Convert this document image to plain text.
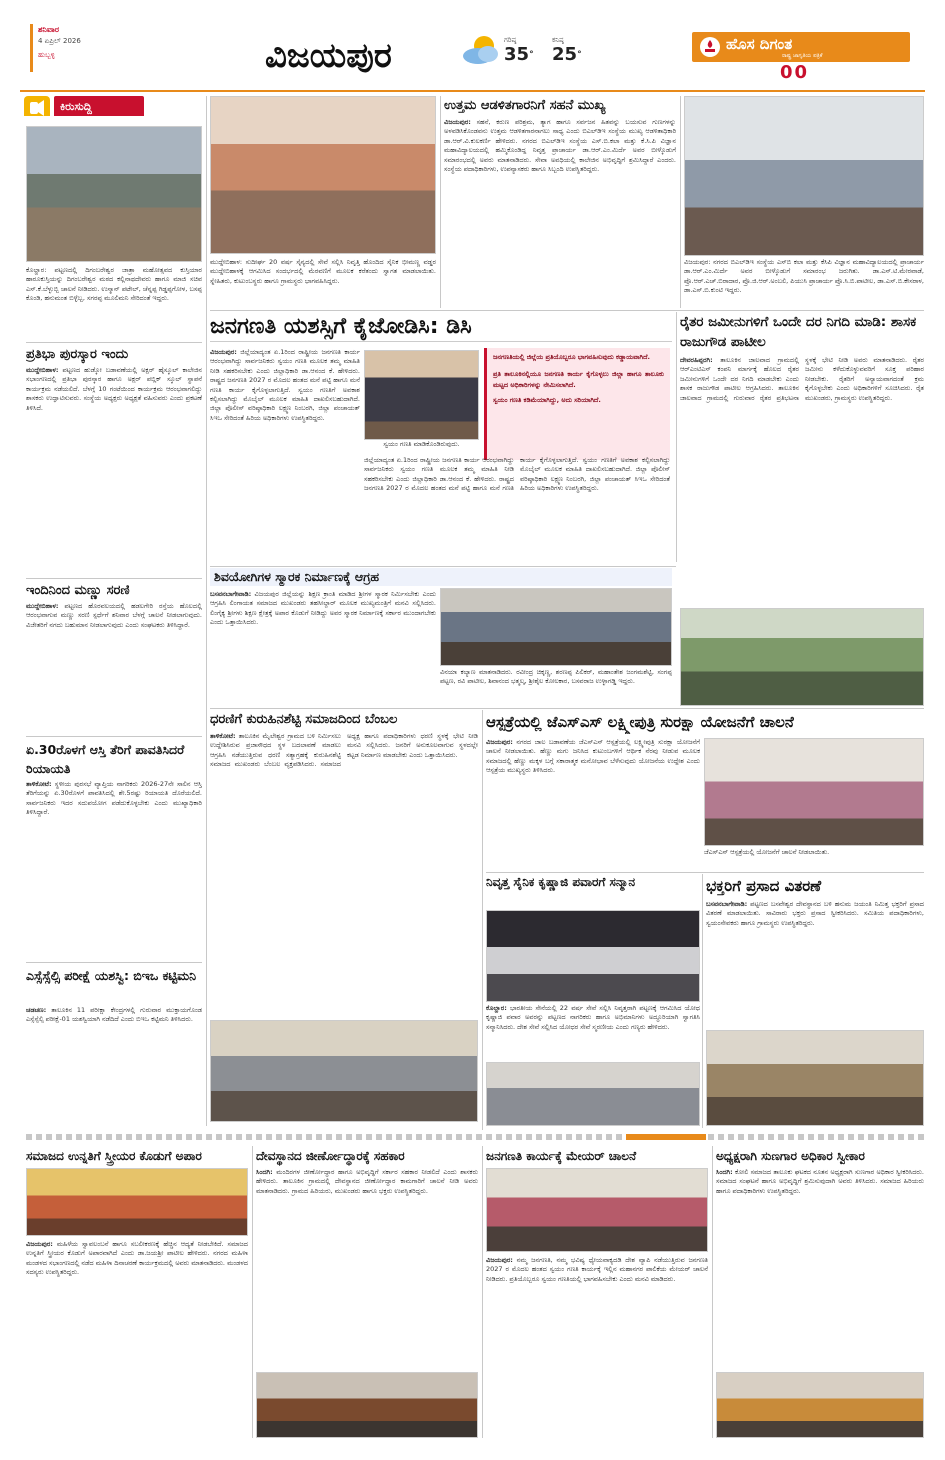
ಶನಿವಾರ
4 ಏಪ್ರಿಲ್ 2026
ಹುಬ್ಬಳ್ಳಿ	ವಿಜಯಪುರ	ಗರಿಷ್ಠ
35°
ಕನಿಷ್ಠ
25°
ಹೊಸ ದಿಗಂತ
ರಾಷ್ಟ್ರ ಜಾಗೃತಿಯ ಪತ್ರಿಕೆ
00
ಕಿರುಸುದ್ದಿ
ಕೊಲ್ಹಾರ: ಪಟ್ಟಣದಲ್ಲಿ ದಿಗಂಬರೇಶ್ವರ ಜಾತ್ರಾ ಮಹೋತ್ಸವದ ಕುಸ್ತಿಯಾರ ಹಾರೂಕುಸ್ತಿಯನ್ನು ದಿಗಂಬರೇಶ್ವರ ಮಠದ ಕಲ್ಲಿನಾಥದೇವರು ಹಾಗೂ ಮಾಜಿ ಸಚಿವ ಎಸ್.ಕೆ.ಬೆಳ್ಳುಬ್ಬಿ ಚಾಲನೆ ನೀಡಿದರು. ಉಸ್ಮಾನ್ ಪಟೇಲ್, ಚೆನ್ನಪ್ಪ ಗಿಡ್ಡಪ್ಪಗೋಳ, ಬಸಪ್ಪ ಕೊಂಡಿ, ಹನುಮಂತ ಬಿಳ್ಳೆಬ್ಬ, ಸಗರಪ್ಪ ಮೂಲಿಮನಿ ಸೇರಿದಂತೆ ಇದ್ದರು.
ಪ್ರತಿಭಾ ಪುರಸ್ಕಾರ ಇಂದು
ಮುದ್ದೇಬಿಹಾಳ: ಪಟ್ಟಣದ ಹುಡ್ಕೋ ಬಡಾವಣೆಯಲ್ಲಿ ಅಕ್ಷರ್ ಹೈಸ್ಕೂಲ್ ಕಾಲೇಜಿನ ಸಭಾಂಗಣದಲ್ಲಿ ಪ್ರತಿಭಾ ಪುರಸ್ಕಾರ ಹಾಗೂ ಅಕ್ಷರ್ ಪಬ್ಲಿಕ್ ಸ್ಕೂಲ್ ಸ್ಥಾಪನೆ ಕಾರ್ಯಕ್ರಮ ನಡೆಯಲಿದೆ. ಬೆಳಗ್ಗೆ 10 ಗಂಟೆಯಿಂದ ಕಾರ್ಯಕ್ರಮ ಆರಂಭವಾಗಲಿದ್ದು ಶಾಸಕರು ಉದ್ಘಾಟಿಸುವರು. ಸಂಸ್ಥೆಯ ಅಧ್ಯಕ್ಷರು ಅಧ್ಯಕ್ಷತೆ ವಹಿಸುವರು ಎಂದು ಪ್ರಕಟಣೆ ತಿಳಿಸಿದೆ.
ಇಂದಿನಿಂದ ಮಣ್ಣು ಸರಣಿ
ಮುದ್ದೇಬಿಹಾಳ: ಪಟ್ಟಣದ ಹೊರವಲಯದಲ್ಲಿ ಹಡಲಗೇರಿ ರಸ್ತೆಯ ಹೊಲದಲ್ಲಿ ಆರಂಭವಾಗುವ ಮಣ್ಣು ಸರಣಿ ಸ್ಪರ್ಧೆಗೆ ಶನಿವಾರ ಬೆಳಗ್ಗೆ ಚಾಲನೆ ನೀಡಲಾಗುವುದು. ವಿಜೇತರಿಗೆ ನಗದು ಬಹುಮಾನ ನೀಡಲಾಗುವುದು ಎಂದು ಸಂಘಟಕರು ತಿಳಿಸಿದ್ದಾರೆ.
ಏ.30ರೊಳಗೆ ಆಸ್ತಿ ತೆರಿಗೆ ಪಾವತಿಸಿದರೆ ರಿಯಾಯತಿ
ತಾಳಿಕೋಟೆ: ಸ್ಥಳೀಯ ಪುರಸಭೆ ವ್ಯಾಪ್ತಿಯ ನಾಗರಿಕರು 2026-27ನೇ ಸಾಲಿನ ಆಸ್ತಿ ತೆರಿಗೆಯನ್ನು ಏ.30ರೊಳಗೆ ಪಾವತಿಸಿದಲ್ಲಿ ಶೇ.5ರಷ್ಟು ರಿಯಾಯತಿ ದೊರೆಯಲಿದೆ. ಸಾರ್ವಜನಿಕರು ಇದರ ಸದುಪಯೋಗ ಪಡೆದುಕೊಳ್ಳಬೇಕು ಎಂದು ಮುಖ್ಯಾಧಿಕಾರಿ ತಿಳಿಸಿದ್ದಾರೆ.
ಎಸ್ಸೆಸ್ಸೆಲ್ಸಿ ಪರೀಕ್ಷೆ ಯಶಸ್ವಿ: ಬಿಇಒ ಕಟ್ಟಿಮನಿ
ಚಡಚಣ: ತಾಲೂಕಿನ 11 ಪರೀಕ್ಷಾ ಕೇಂದ್ರಗಳಲ್ಲಿ ಗುರುವಾರ ಮುಕ್ತಾಯಗೊಂಡ ಎಸ್ಸೆಸ್ಸೆಲ್ಸಿ ಪರೀಕ್ಷೆ-01 ಯಶಸ್ವಿಯಾಗಿ ನಡೆದಿದೆ ಎಂದು ಬಿಇಒ ಕಟ್ಟಿಮನಿ ತಿಳಿಸಿದರು.
ಮುದ್ದೇಬಿಹಾಳ: ಸುದೀರ್ಘ 20 ವರ್ಷ ಸೈನ್ಯದಲ್ಲಿ ಸೇವೆ ಸಲ್ಲಿಸಿ ನಿವೃತ್ತಿ ಹೊಂದಿದ ಸೈನಿಕ ಭೀಮಣ್ಣ ವಡ್ಡರ ಮುದ್ದೇಬಿಹಾಳಕ್ಕೆ ಆಗಮಿಸಿದ ಸಂದರ್ಭದಲ್ಲಿ ಮೆರವಣಿಗೆ ಮೂಲಕ ಕರೆತಂದು ಸ್ವಾಗತ ಮಾಡಲಾಯಿತು. ಸ್ನೇಹಿತರು, ಕುಟುಂಬಸ್ಥರು ಹಾಗೂ ಗ್ರಾಮಸ್ಥರು ಭಾಗವಹಿಸಿದ್ದರು.
ಉತ್ತಮ ಆಡಳಿತಗಾರನಿಗೆ ಸಹನೆ ಮುಖ್ಯ
ವಿಜಯಪುರ: ಸಹನೆ, ಕರುಣ ಪರಿಶ್ರಮ, ತ್ಯಾಗ ಹಾಗೂ ಸರ್ವಜನ ಹಿತವನ್ನು ಬಯಸುವ ಗುಣಗಳನ್ನು ಅಳವಡಿಸಿಕೊಂಡವನು ಉತ್ತಮ ಆಡಳಿತಗಾರನಾಗಲು ಸಾಧ್ಯ ಎಂದು ಬಿಎಲ್‌ಡಿಇ ಸಂಸ್ಥೆಯ ಮುಖ್ಯ ಆಡಳಿತಾಧಿಕಾರಿ ಡಾ.ಆರ್.ವಿ.ಕುಲಕರ್ಣಿ ಹೇಳಿದರು. ನಗರದ ಬಿಎಲ್‌ಡಿಇ ಸಂಸ್ಥೆಯ ಎಸ್.ಬಿ.ಕಲಾ ಮತ್ತು ಕೆ.ಸಿ.ಪಿ ವಿಜ್ಞಾನ ಮಹಾವಿದ್ಯಾಲಯದಲ್ಲಿ ಹಮ್ಮಿಕೊಂಡಿದ್ದ ನಿವೃತ್ತ ಪ್ರಾಚಾರ್ಯ ಡಾ.ಆರ್.ಎಂ.ಮಿರ್ದೆ ಅವರ ಬೀಳ್ಕೊಡುಗೆ ಸಮಾರಂಭದಲ್ಲಿ ಅವರು ಮಾತನಾಡಿದರು. ಸೇವಾ ಅವಧಿಯಲ್ಲಿ ಕಾಲೇಜಿನ ಅಭಿವೃದ್ಧಿಗೆ ಶ್ರಮಿಸಿದ್ದಾರೆ ಎಂದರು. ಸಂಸ್ಥೆಯ ಪದಾಧಿಕಾರಿಗಳು, ಉಪನ್ಯಾಸಕರು ಹಾಗೂ ಸಿಬ್ಬಂದಿ ಉಪಸ್ಥಿತರಿದ್ದರು.
ವಿಜಯಪುರ: ನಗರದ ಬಿಎಲ್‌ಡಿಇ ಸಂಸ್ಥೆಯ ಎಸ್‌ಬಿ ಕಲಾ ಮತ್ತು ಕೆಸಿಪಿ ವಿಜ್ಞಾನ ಮಹಾವಿದ್ಯಾಲಯದಲ್ಲಿ ಪ್ರಾಚಾರ್ಯ ಡಾ.ಆರ್.ಎಂ.ಮಿರ್ದೆ ಅವರ ಬೀಳ್ಕೊಡುಗೆ ಸಮಾರಂಭ ಜರುಗಿತು. ಡಾ.ಎಸ್.ಟಿ.ಮೇರವಾಡೆ, ಪ್ರೊ.ಆರ್.ಎಚ್.ಬಿರಾದಾರ, ಪ್ರೊ.ಜಿ.ಆರ್.ಅಂಬಲಿ, ಪಿಯುಸಿ ಪ್ರಾಚಾರ್ಯ ಪ್ರೊ.ಸಿ.ಬಿ.ಪಾಟೀಲ, ಡಾ.ಎಸ್.ಬಿ.ಕೇಸರಾಳ, ಡಾ.ಎಸ್.ಬಿ.ಕುಂಟಿ ಇದ್ದರು.
ಜನಗಣತಿ ಯಶಸ್ಸಿಗೆ ಕೈಜೋಡಿಸಿ: ಡಿಸಿ
ವಿಜಯಪುರ: ಜಿಲ್ಲೆಯಾದ್ಯಂತ ಏ.1ರಿಂದ ರಾಷ್ಟ್ರೀಯ ಜನಗಣತಿ ಕಾರ್ಯ ಆರಂಭವಾಗಿದ್ದು ಸಾರ್ವಜನಿಕರು ಸ್ವಯಂ ಗಣತಿ ಮೂಲಕ ತಮ್ಮ ಮಾಹಿತಿ ನೀಡಿ ಸಹಕರಿಸಬೇಕು ಎಂದು ಜಿಲ್ಲಾಧಿಕಾರಿ ಡಾ.ಆನಂದ ಕೆ. ಹೇಳಿದರು. ರಾಷ್ಟ್ರದ ಜನಗಣತಿ 2027 ರ ಮೊದಲ ಹಂತದ ಮನೆ ಪಟ್ಟಿ ಹಾಗೂ ಮನೆ ಗಣತಿ ಕಾರ್ಯ ಕೈಗೊಳ್ಳಲಾಗುತ್ತಿದೆ. ಸ್ವಯಂ ಗಣತಿಗೆ ಅವಕಾಶ ಕಲ್ಪಿಸಲಾಗಿದ್ದು ಮೊಬೈಲ್ ಮೂಲಕ ಮಾಹಿತಿ ದಾಖಲಿಸಬಹುದಾಗಿದೆ. ಜಿಲ್ಲಾ ಪೊಲೀಸ್ ವರಿಷ್ಠಾಧಿಕಾರಿ ಲಕ್ಷ್ಮಣ ನಿಂಬರಗಿ, ಜಿಲ್ಲಾ ಪಂಚಾಯತ್ ಸಿಇಒ ಸೇರಿದಂತೆ ಹಿರಿಯ ಅಧಿಕಾರಿಗಳು ಉಪಸ್ಥಿತರಿದ್ದರು.
ಸ್ವಯಂ ಗಣತಿ ಮಾಡಿಕೊಂಡಿರುವುದು.
ಜನಗಣತಿಯಲ್ಲಿ ಜಿಲ್ಲೆಯ ಪ್ರತಿಯೊಬ್ಬರೂ ಭಾಗವಹಿಸುವುದು ಕಡ್ಡಾಯವಾಗಿದೆ.
ಪ್ರತಿ ತಾಲೂಕಿನಲ್ಲಿಯೂ ಜನಗಣತಿ ಕಾರ್ಯ ಕೈಗೊಳ್ಳಲು ಜಿಲ್ಲಾ ಹಾಗೂ ತಾಲೂಕು ಮಟ್ಟದ ಅಧಿಕಾರಿಗಳನ್ನು ನೇಮಿಸಲಾಗಿದೆ.
ಸ್ವಯಂ ಗಣತಿ ಕಡಿಮೆಯಾಗಿದ್ದು, ಅದು ಸರಿಯಾಗಿದೆ.
ಜಿಲ್ಲೆಯಾದ್ಯಂತ ಏ.1ರಿಂದ ರಾಷ್ಟ್ರೀಯ ಜನಗಣತಿ ಕಾರ್ಯ ಆರಂಭವಾಗಿದ್ದು ಸಾರ್ವಜನಿಕರು ಸ್ವಯಂ ಗಣತಿ ಮೂಲಕ ತಮ್ಮ ಮಾಹಿತಿ ನೀಡಿ ಸಹಕರಿಸಬೇಕು ಎಂದು ಜಿಲ್ಲಾಧಿಕಾರಿ ಡಾ.ಆನಂದ ಕೆ. ಹೇಳಿದರು. ರಾಷ್ಟ್ರದ ಜನಗಣತಿ 2027 ರ ಮೊದಲ ಹಂತದ ಮನೆ ಪಟ್ಟಿ ಹಾಗೂ ಮನೆ ಗಣತಿ ಕಾರ್ಯ ಕೈಗೊಳ್ಳಲಾಗುತ್ತಿದೆ. ಸ್ವಯಂ ಗಣತಿಗೆ ಅವಕಾಶ ಕಲ್ಪಿಸಲಾಗಿದ್ದು ಮೊಬೈಲ್ ಮೂಲಕ ಮಾಹಿತಿ ದಾಖಲಿಸಬಹುದಾಗಿದೆ. ಜಿಲ್ಲಾ ಪೊಲೀಸ್ ವರಿಷ್ಠಾಧಿಕಾರಿ ಲಕ್ಷ್ಮಣ ನಿಂಬರಗಿ, ಜಿಲ್ಲಾ ಪಂಚಾಯತ್ ಸಿಇಒ ಸೇರಿದಂತೆ ಹಿರಿಯ ಅಧಿಕಾರಿಗಳು ಉಪಸ್ಥಿತರಿದ್ದರು.
ರೈತರ ಜಮೀನುಗಳಿಗೆ ಒಂದೇ ದರ ನಿಗದಿ ಮಾಡಿ: ಶಾಸಕ ರಾಜುಗೌಡ ಪಾಟೀಲ
ದೇವರಹಿಪ್ಪರಗಿ: ತಾಲೂಕಿನ ಜಾಲವಾದ ಗ್ರಾಮದಲ್ಲಿ ಆರ್‌ಎಂಟಿಎಸ್ ಕಂಪನಿ ಮಾರ್ಗಕ್ಕೆ ಹೊಲದ ರೈತರ ಜಮೀನುಗಳಿಗೆ ಒಂದೇ ದರ ನಿಗದಿ ಮಾಡಬೇಕು ಎಂದು ಶಾಸಕ ರಾಜುಗೌಡ ಪಾಟೀಲ ಆಗ್ರಹಿಸಿದರು. ತಾಲೂಕಿನ ಜಾಲವಾದ ಗ್ರಾಮದಲ್ಲಿ ಗುರುವಾರ ರೈತರ ಪ್ರತಿಭಟನಾ ಸ್ಥಳಕ್ಕೆ ಭೇಟಿ ನೀಡಿ ಅವರು ಮಾತನಾಡಿದರು. ರೈತರ ಜಮೀನು ಕಳೆದುಕೊಳ್ಳುವವರಿಗೆ ಸೂಕ್ತ ಪರಿಹಾರ ನೀಡಬೇಕು. ರೈತರಿಗೆ ಅನ್ಯಾಯವಾಗದಂತೆ ಕ್ರಮ ಕೈಗೊಳ್ಳಬೇಕು ಎಂದು ಅಧಿಕಾರಿಗಳಿಗೆ ಸೂಚಿಸಿದರು. ರೈತ ಮುಖಂಡರು, ಗ್ರಾಮಸ್ಥರು ಉಪಸ್ಥಿತರಿದ್ದರು.
ಶಿವಯೋಗಿಗಳ ಸ್ಮಾರಕ ನಿರ್ಮಾಣಕ್ಕೆ ಆಗ್ರಹ
ಬಸವನಬಾಗೇವಾಡಿ: ವಿಜಯಪುರ ಜಿಲ್ಲೆಯನ್ನು ಶಿಕ್ಷಣ ಕ್ರಾಂತಿ ಮಾಡಿದ ಶ್ರೀಗಳ ಸ್ಮಾರಕ ನಿರ್ಮಿಸಬೇಕು ಎಂದು ಆಗ್ರಹಿಸಿ ಲಿಂಗಾಯತ ಸಮಾಜದ ಮುಖಂಡರು ತಹಸೀಲ್ದಾರ್ ಮೂಲಕ ಮುಖ್ಯಮಂತ್ರಿಗೆ ಮನವಿ ಸಲ್ಲಿಸಿದರು. ಲಿಂಗೈಕ್ಯ ಶ್ರೀಗಳು ಶಿಕ್ಷಣ ಕ್ಷೇತ್ರಕ್ಕೆ ಅಪಾರ ಕೊಡುಗೆ ನೀಡಿದ್ದು ಅವರ ಸ್ಮಾರಕ ನಿರ್ಮಾಣಕ್ಕೆ ಸರ್ಕಾರ ಮುಂದಾಗಬೇಕು ಎಂದು ಒತ್ತಾಯಿಸಿದರು.
ವಿನಯಾ ಕಲ್ಯಾಣ ಮಾತನಾಡಿದರು. ರವೀಂದ್ರ ಚಿಕ್ಕಣ್ಣ, ಶರಣಪ್ಪ ಪಿಲಿಕರ್, ಮಹಾಂತೇಶ ಜಂಗಮಶೆಟ್ಟಿ, ಸಂಗಪ್ಪ ಪಟ್ಟಣ, ರವಿ ಪಾಟೀಲ, ಶಿವಾನಂದ ಭತ್ಮಲ್ಕ, ಶ್ರೀಶೈಲ ಕೋಲಕಾರ, ಬಸವರಾಜ ಉಳ್ಳಾಗಡ್ಡಿ ಇದ್ದರು.
ಧರಣಿಗೆ ಕುರುಹಿನಶೆಟ್ಟಿ ಸಮಾಜದಿಂದ ಬೆಂಬಲ
ತಾಳಿಕೋಟೆ: ತಾಲೂಕಿನ ಮೈಲೇಶ್ವರ ಗ್ರಾಮದ ಬಳಿ ನಿರ್ಮಿಸಲು ಉದ್ದೇಶಿಸಿರುವ ಪ್ರಜಾಸೌಧದ ಸ್ಥಳ ಬದಲಾವಣೆ ಮಾಡಲು ಆಗ್ರಹಿಸಿ ನಡೆಯುತ್ತಿರುವ ಧರಣಿ ಸತ್ಯಾಗ್ರಹಕ್ಕೆ ಕುರುಹಿನಶೆಟ್ಟಿ ಸಮಾಜದ ಮುಖಂಡರು ಬೆಂಬಲ ವ್ಯಕ್ತಪಡಿಸಿದರು. ಸಮಾಜದ ಅಧ್ಯಕ್ಷ ಹಾಗೂ ಪದಾಧಿಕಾರಿಗಳು ಧರಣಿ ಸ್ಥಳಕ್ಕೆ ಭೇಟಿ ನೀಡಿ ಮನವಿ ಸಲ್ಲಿಸಿದರು. ಜನರಿಗೆ ಅನುಕೂಲವಾಗುವ ಸ್ಥಳದಲ್ಲೇ ಕಟ್ಟಡ ನಿರ್ಮಾಣ ಮಾಡಬೇಕು ಎಂದು ಒತ್ತಾಯಿಸಿದರು.
ಆಸ್ಪತ್ರೆಯಲ್ಲಿ ಜೆಎಸ್‌ಎಸ್ ಲಕ್ಷ್ಮೀಪುತ್ರಿ ಸುರಕ್ಷಾ ಯೋಜನೆಗೆ ಚಾಲನೆ
ವಿಜಯಪುರ: ನಗರದ ಜಾಲ ಬಡಾವಣೆಯ ಜೆಎಸ್‌ಎಸ್ ಆಸ್ಪತ್ರೆಯಲ್ಲಿ ಲಕ್ಷ್ಮೀಪುತ್ರಿ ಸುರಕ್ಷಾ ಯೋಜನೆಗೆ ಚಾಲನೆ ನೀಡಲಾಯಿತು. ಹೆಣ್ಣು ಮಗು ಜನಿಸಿದ ಕುಟುಂಬಗಳಿಗೆ ಆರ್ಥಿಕ ನೆರವು ನೀಡುವ ಮೂಲಕ ಸಮಾಜದಲ್ಲಿ ಹೆಣ್ಣು ಮಕ್ಕಳ ಬಗ್ಗೆ ಸಕಾರಾತ್ಮಕ ಮನೋಭಾವ ಬೆಳೆಸುವುದು ಯೋಜನೆಯ ಉದ್ದೇಶ ಎಂದು ಆಸ್ಪತ್ರೆಯ ಮುಖ್ಯಸ್ಥರು ತಿಳಿಸಿದರು.
ಜೆಎಸ್‌ಎಸ್ ಆಸ್ಪತ್ರೆಯಲ್ಲಿ ಯೋಜನೆಗೆ ಚಾಲನೆ ನೀಡಲಾಯಿತು.
ನಿವೃತ್ತ ಸೈನಿಕ ಕೃಷ್ಣಾಜಿ ಪವಾರಗೆ ಸನ್ಮಾನ
ಕೊಲ್ಹಾರ: ಭಾರತೀಯ ಸೇನೆಯಲ್ಲಿ 22 ವರ್ಷ ಸೇವೆ ಸಲ್ಲಿಸಿ ನಿವೃತ್ತರಾಗಿ ಪಟ್ಟಣಕ್ಕೆ ಆಗಮಿಸಿದ ಯೋಧ ಕೃಷ್ಣಾಜಿ ಪವಾರ ಅವರನ್ನು ಪಟ್ಟಣದ ನಾಗರಿಕರು ಹಾಗೂ ಅಭಿಮಾನಿಗಳು ಅದ್ಧೂರಿಯಾಗಿ ಸ್ವಾಗತಿಸಿ ಸನ್ಮಾನಿಸಿದರು. ದೇಶ ಸೇವೆ ಸಲ್ಲಿಸಿದ ಯೋಧರ ಸೇವೆ ಸ್ಮರಣೀಯ ಎಂದು ಗಣ್ಯರು ಹೇಳಿದರು.
ಭಕ್ತರಿಗೆ ಪ್ರಸಾದ ವಿತರಣೆ
ಬಸವನಬಾಗೇವಾಡಿ: ಪಟ್ಟಣದ ಬಸವೇಶ್ವರ ದೇವಸ್ಥಾನದ ಬಳಿ ಹನುಮ ಜಯಂತಿ ನಿಮಿತ್ತ ಭಕ್ತರಿಗೆ ಪ್ರಸಾದ ವಿತರಣೆ ಮಾಡಲಾಯಿತು. ಸಾವಿರಾರು ಭಕ್ತರು ಪ್ರಸಾದ ಸ್ವೀಕರಿಸಿದರು. ಸಮಿತಿಯ ಪದಾಧಿಕಾರಿಗಳು, ಸ್ವಯಂಸೇವಕರು ಹಾಗೂ ಗ್ರಾಮಸ್ಥರು ಉಪಸ್ಥಿತರಿದ್ದರು.
ಸಮಾಜದ ಉನ್ನತಿಗೆ ಸ್ತ್ರೀಯರ ಕೊಡುಗೆ ಅಪಾರ
ವಿಜಯಪುರ: ಮಹಿಳೆಯ ಸ್ವಾವಲಂಬನೆ ಹಾಗೂ ಸಬಲೀಕರಣಕ್ಕೆ ಹೆಚ್ಚಿನ ಆದ್ಯತೆ ನೀಡಬೇಕಿದೆ. ಸಮಾಜದ ಉನ್ನತಿಗೆ ಸ್ತ್ರೀಯರ ಕೊಡುಗೆ ಅಪಾರವಾಗಿದೆ ಎಂದು ಡಾ.ಜಯಶ್ರೀ ಪಾಟೀಲ ಹೇಳಿದರು. ನಗರದ ಮಹಿಳಾ ಮಂಡಳದ ಸಭಾಂಗಣದಲ್ಲಿ ನಡೆದ ಮಹಿಳಾ ದಿನಾಚರಣೆ ಕಾರ್ಯಕ್ರಮದಲ್ಲಿ ಅವರು ಮಾತನಾಡಿದರು. ಮಂಡಳದ ಸದಸ್ಯರು ಉಪಸ್ಥಿತರಿದ್ದರು.
ದೇವಸ್ಥಾನದ ಜೀರ್ಣೋದ್ಧಾರಕ್ಕೆ ಸಹಕಾರ
ಸಿಂದಗಿ: ಮಂದಿರಗಳ ಜೀರ್ಣೋದ್ಧಾರ ಹಾಗೂ ಅಭಿವೃದ್ಧಿಗೆ ಸರ್ಕಾರ ಸಹಕಾರ ನೀಡಲಿದೆ ಎಂದು ಶಾಸಕರು ಹೇಳಿದರು. ತಾಲೂಕಿನ ಗ್ರಾಮದಲ್ಲಿ ದೇವಸ್ಥಾನದ ಜೀರ್ಣೋದ್ಧಾರ ಕಾಮಗಾರಿಗೆ ಚಾಲನೆ ನೀಡಿ ಅವರು ಮಾತನಾಡಿದರು. ಗ್ರಾಮದ ಹಿರಿಯರು, ಮುಖಂಡರು ಹಾಗೂ ಭಕ್ತರು ಉಪಸ್ಥಿತರಿದ್ದರು.
ಜನಗಣತಿ ಕಾರ್ಯಕ್ಕೆ ಮೇಯರ್ ಚಾಲನೆ
ವಿಜಯಪುರ: ನಮ್ಮ ಜನಗಣತಿ, ನಮ್ಮ ಭವಿಷ್ಯ ಧ್ಯೇಯವಾಕ್ಯದಡಿ ದೇಶ ವ್ಯಾಪಿ ನಡೆಯುತ್ತಿರುವ ಜನಗಣತಿ 2027 ರ ಮೊದಲ ಹಂತದ ಸ್ವಯಂ ಗಣತಿ ಕಾರ್ಯಕ್ಕೆ ಇಲ್ಲಿನ ಮಹಾನಗರ ಪಾಲಿಕೆಯ ಮೇಯರ್ ಚಾಲನೆ ನೀಡಿದರು. ಪ್ರತಿಯೊಬ್ಬರೂ ಸ್ವಯಂ ಗಣತಿಯಲ್ಲಿ ಭಾಗವಹಿಸಬೇಕು ಎಂದು ಮನವಿ ಮಾಡಿದರು.
ಅಧ್ಯಕ್ಷರಾಗಿ ಸುಣಗಾರ ಅಧಿಕಾರ ಸ್ವೀಕಾರ
ಸಿಂದಗಿ: ಕೋಲಿ ಸಮಾಜದ ತಾಲೂಕು ಘಟಕದ ನೂತನ ಅಧ್ಯಕ್ಷರಾಗಿ ಸುಣಗಾರ ಅಧಿಕಾರ ಸ್ವೀಕರಿಸಿದರು. ಸಮಾಜದ ಸಂಘಟನೆ ಹಾಗೂ ಅಭಿವೃದ್ಧಿಗೆ ಶ್ರಮಿಸುವುದಾಗಿ ಅವರು ತಿಳಿಸಿದರು. ಸಮಾಜದ ಹಿರಿಯರು ಹಾಗೂ ಪದಾಧಿಕಾರಿಗಳು ಉಪಸ್ಥಿತರಿದ್ದರು.
